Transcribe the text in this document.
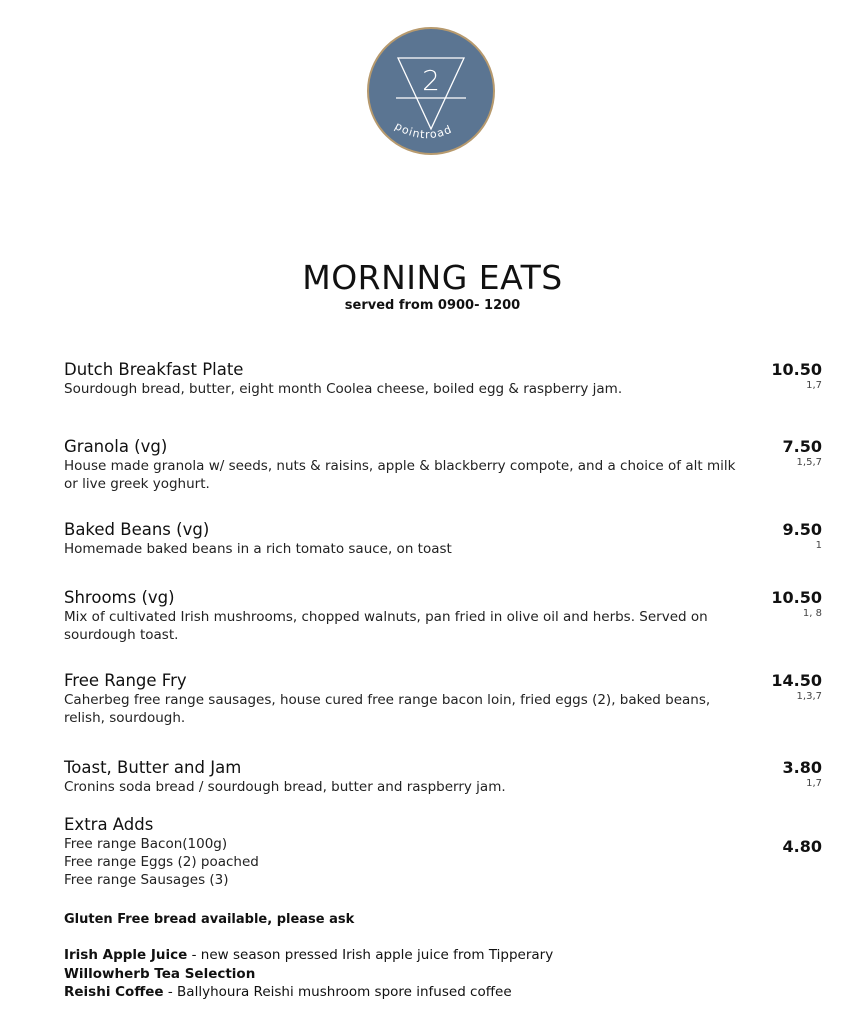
2
pointroad
MORNING EATS
served from 0900- 1200
Dutch Breakfast Plate
Sourdough bread, butter, eight month Coolea cheese, boiled egg & raspberry jam.
10.50
1,7
Granola (vg)
House made granola w/ seeds, nuts & raisins, apple & blackberry compote, and a choice of alt milk or live greek yoghurt.
7.50
1,5,7
Baked Beans (vg)
Homemade baked beans in a rich tomato sauce, on toast
9.50
1
Shrooms (vg)
Mix of cultivated Irish mushrooms, chopped walnuts, pan fried in olive oil and herbs. Served on sourdough toast.
10.50
1, 8
Free Range Fry
Caherbeg free range sausages, house cured free range bacon loin, fried eggs (2), baked beans, relish, sourdough.
14.50
1,3,7
Toast, Butter and Jam
Cronins soda bread / sourdough bread, butter and raspberry jam.
3.80
1,7
Extra Adds
Free range Bacon(100g)
Free range Eggs (2) poached
Free range Sausages (3)
4.80
Gluten Free bread available, please ask
Irish Apple Juice - new season pressed Irish apple juice from Tipperary
Willowherb Tea Selection
Reishi Coffee - Ballyhoura Reishi mushroom spore infused coffee
